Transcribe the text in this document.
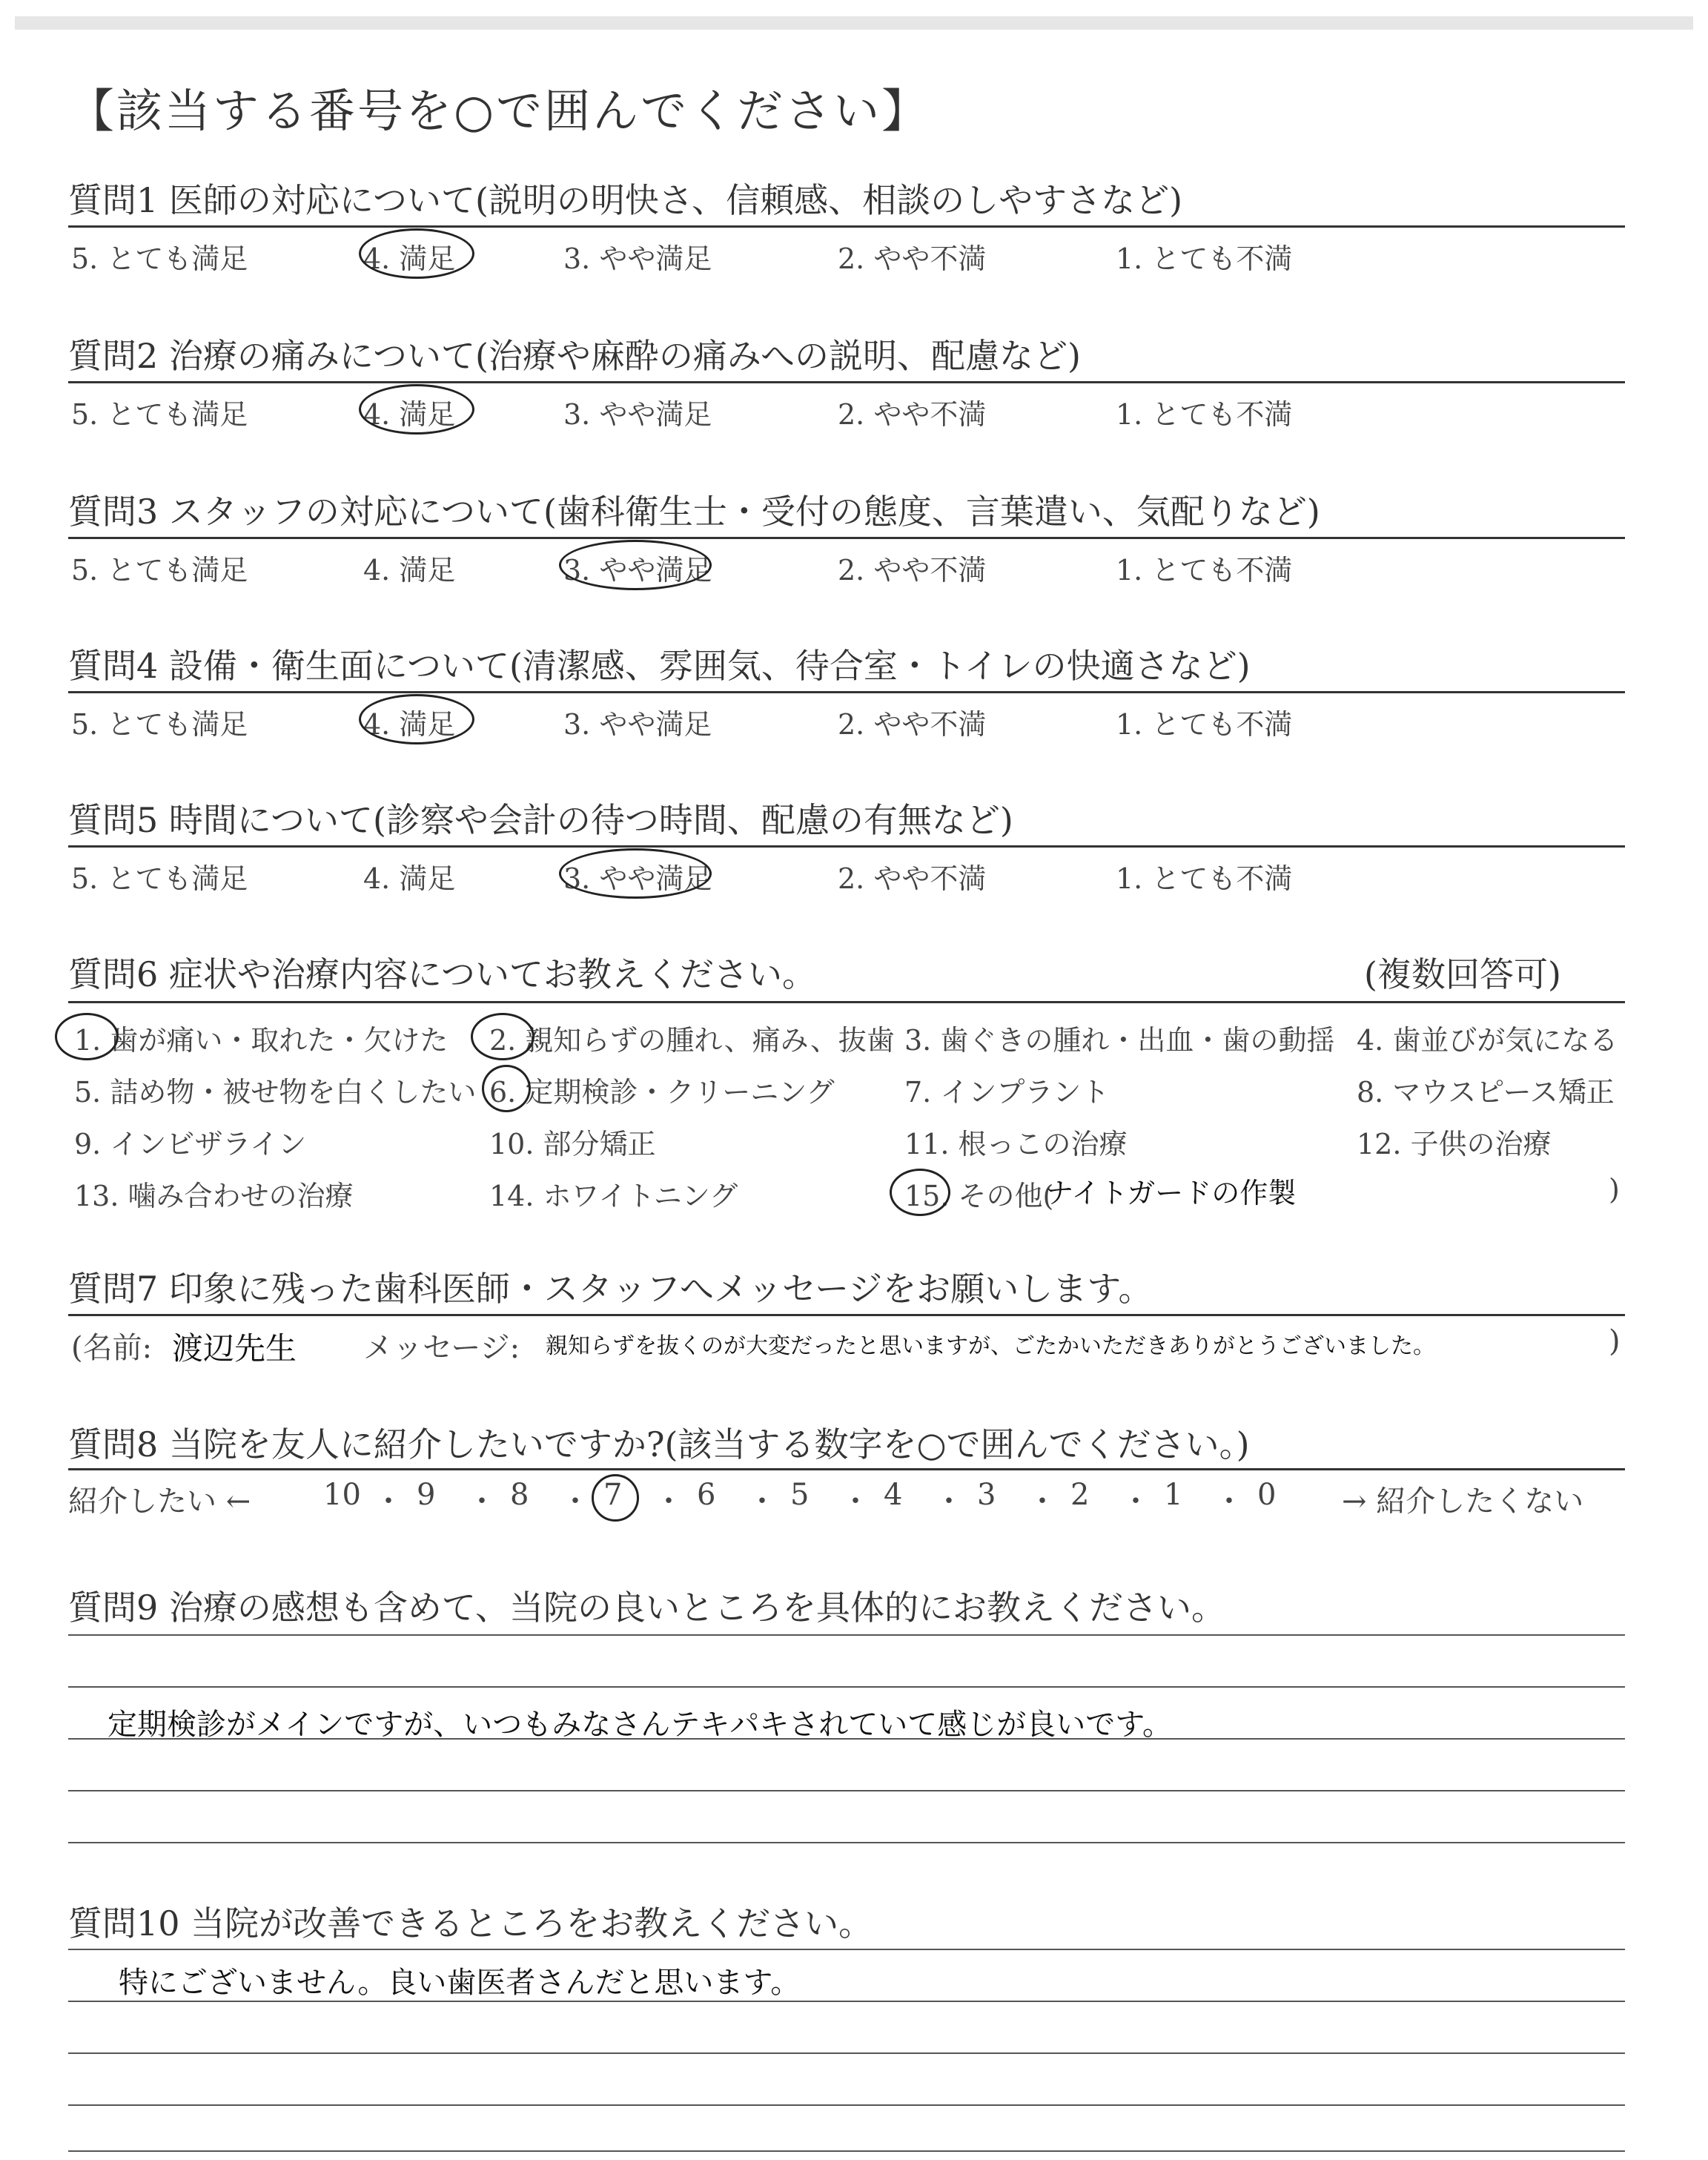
【該当する番号を○で囲んでください】
質問1 医師の対応について(説明の明快さ、信頼感、相談のしやすさなど)
5. とても満足	4. 満足	3. やや満足	2. やや不満	1. とても不満
質問2 治療の痛みについて(治療や麻酔の痛みへの説明、配慮など)
5. とても満足	4. 満足	3. やや満足	2. やや不満	1. とても不満
質問3 スタッフの対応について(歯科衛生士・受付の態度、言葉遣い、気配りなど)
5. とても満足	4. 満足	3. やや満足	2. やや不満	1. とても不満
質問4 設備・衛生面について(清潔感、雰囲気、待合室・トイレの快適さなど)
5. とても満足	4. 満足	3. やや満足	2. やや不満	1. とても不満
質問5 時間について(診察や会計の待つ時間、配慮の有無など)
5. とても満足	4. 満足	3. やや満足	2. やや不満	1. とても不満
質問6 症状や治療内容についてお教えください。	(複数回答可)
1. 歯が痛い・取れた・欠けた 2. 親知らずの腫れ、痛み、抜歯 3. 歯ぐきの腫れ・出血・歯の動揺 4. 歯並びが気になる
5. 詰め物・被せ物を白くしたい 6. 定期検診・クリーニング 7. インプラント	8. マウスピース矯正
9. インビザライン	10. 部分矯正	11. 根っこの治療	12. 子供の治療
13. 噛み合わせの治療	14. ホワイトニング	15. その他(
ナイトガードの作製	)
質問7 印象に残った歯科医師・スタッフへメッセージをお願いします。
(名前: 渡辺先生 メッセージ: 親知らずを抜くのが大変だったと思いますが、ごたかいただきありがとうございました。	)
質問8 当院を友人に紹介したいですか?(該当する数字を○で囲んでください。)
紹介したい ← 10 ・ 9 ・ 8 ・ 7 ・ 6 ・ 5 ・ 4 ・ 3 ・ 2 ・ 1 ・ 0 → 紹介したくない
質問9 治療の感想も含めて、当院の良いところを具体的にお教えください。
定期検診がメインですが、いつもみなさんテキパキされていて感じが良いです。
質問10 当院が改善できるところをお教えください。
特にございません。良い歯医者さんだと思います。
